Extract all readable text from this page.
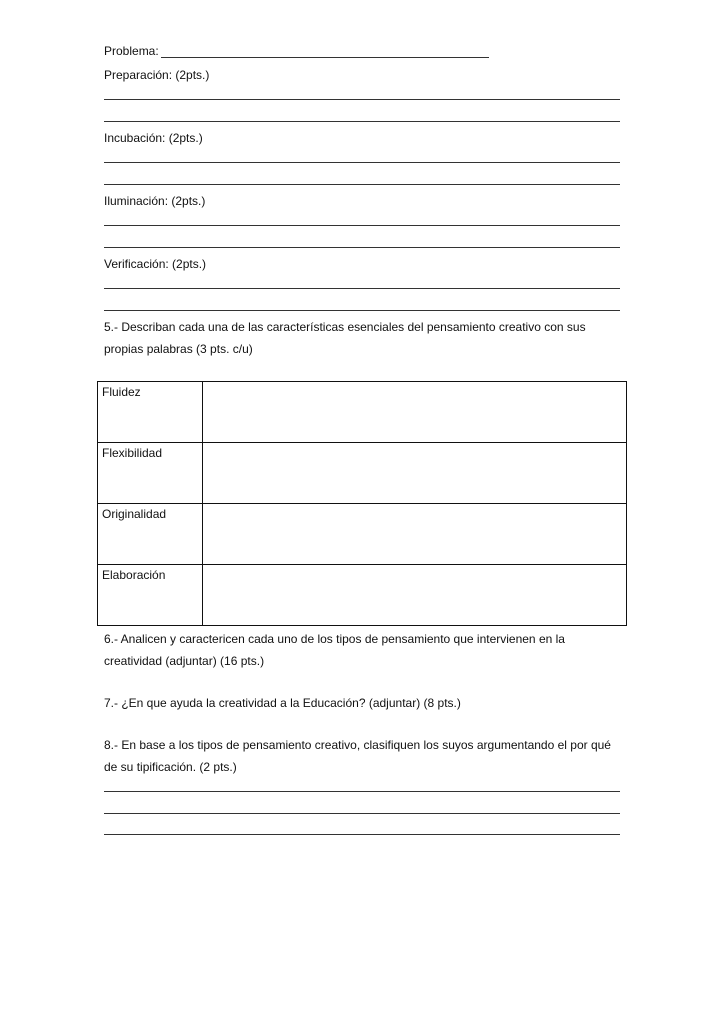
Problema:
Preparación: (2pts.)
Incubación: (2pts.)
Iluminación: (2pts.)
Verificación: (2pts.)
5.- Describan cada una de las características esenciales del pensamiento creativo con sus
propias palabras (3 pts. c/u)
Fluidez	
Flexibilidad	
Originalidad	
Elaboración	
6.- Analicen y caractericen cada uno de los tipos de pensamiento que intervienen en la
creatividad (adjuntar) (16 pts.)
7.- ¿En que ayuda la creatividad a la Educación? (adjuntar) (8 pts.)
8.- En base a los tipos de pensamiento creativo, clasifiquen los suyos argumentando el por qué
de su tipificación. (2 pts.)
